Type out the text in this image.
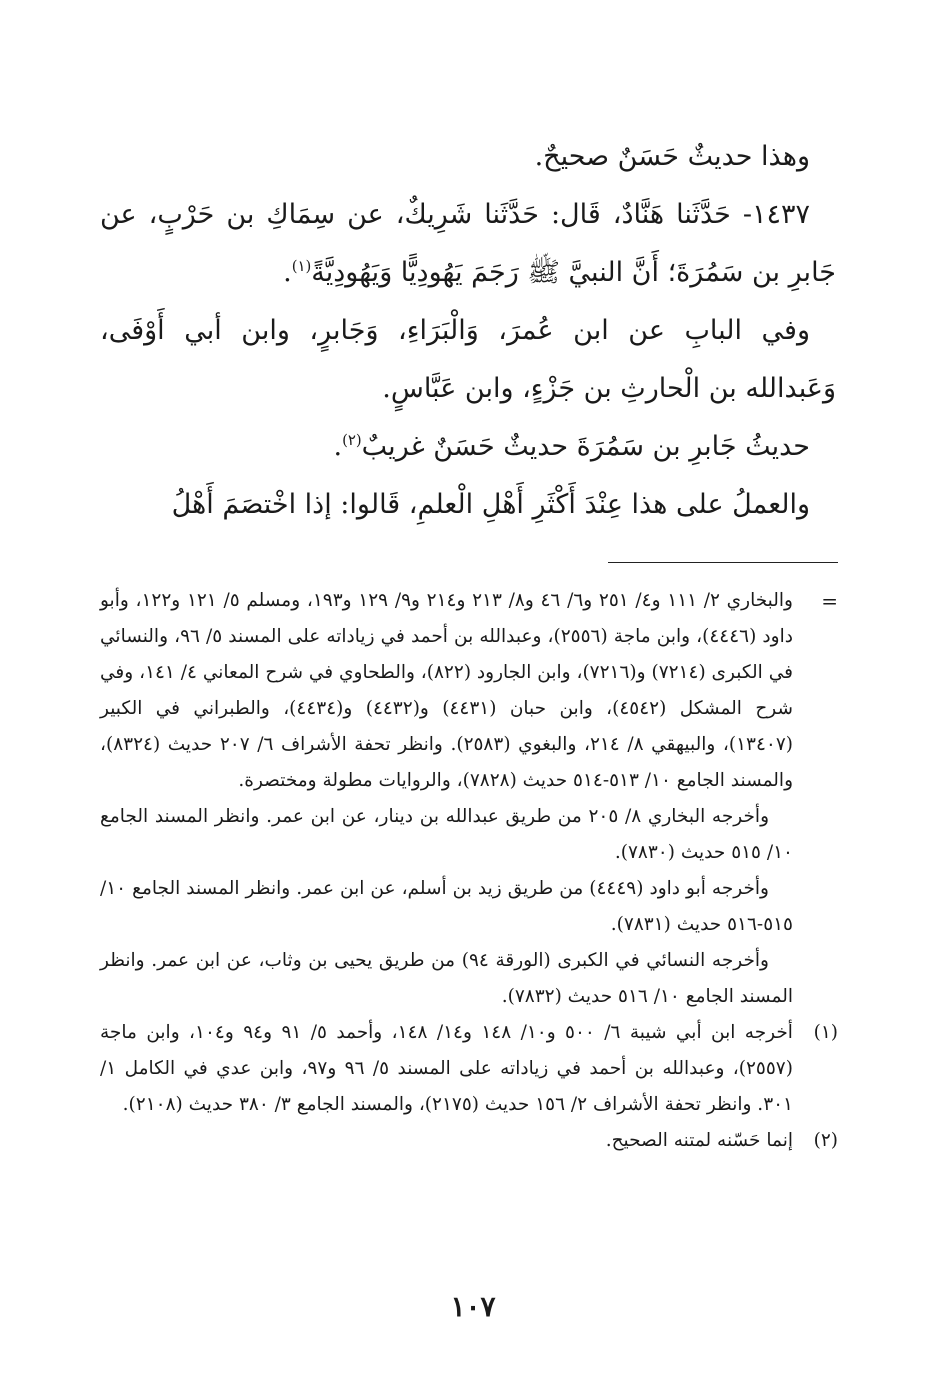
وهذا حديثٌ حَسَنٌ صحيحٌ.

١٤٣٧- حَدَّثَنا هَنَّادٌ، قَال: حَدَّثَنا شَرِيكٌ، عن سِمَاكِ بن حَرْبٍ، عن جَابرِ بن سَمُرَةَ؛ أَنَّ النبيَّ ﷺ رَجَمَ يَهُودِيًّا وَيَهُودِيَّةً$^{(١)}$.

وفي البابِ عن ابن عُمرَ، وَالْبَرَاءِ، وَجَابرٍ، وابن أبي أَوْفَى، وَعَبدالله بن الْحارثِ بن جَزْءٍ، وابن عَبَّاسٍ.

حديثُ جَابرِ بن سَمُرَةَ حديثٌ حَسَنٌ غريبٌ$^{(٢)}$.

والعملُ على هذا عِنْدَ أَكْثَرِ أَهْلِ الْعلمِ، قَالوا: إذا اخْتصَمَ أَهْلُ

=
والبخاري ٢/ ١١١ و٤/ ٢٥١ و٦/ ٤٦ و٨/ ٢١٣ و٢١٤ و٩/ ١٢٩ و١٩٣، ومسلم ٥/ ١٢١ و١٢٢، وأبو داود (٤٤٤٦)، وابن ماجة (٢٥٥٦)، وعبدالله بن أحمد في زياداته على المسند ٥/ ٩٦، والنسائي في الكبرى (٧٢١٤) و(٧٢١٦)، وابن الجارود (٨٢٢)، والطحاوي في شرح المعاني ٤/ ١٤١، وفي شرح المشكل (٤٥٤٢)، وابن حبان (٤٤٣١) و(٤٤٣٢) و(٤٤٣٤)، والطبراني في الكبير (١٣٤٠٧)، والبيهقي ٨/ ٢١٤، والبغوي (٢٥٨٣). وانظر تحفة الأشراف ٦/ ٢٠٧ حديث (٨٣٢٤)، والمسند الجامع ١٠/ ٥١٣-٥١٤ حديث (٧٨٢٨)، والروايات مطولة ومختصرة.
وأخرجه البخاري ٨/ ٢٠٥ من طريق عبدالله بن دينار، عن ابن عمر. وانظر المسند الجامع ١٠/ ٥١٥ حديث (٧٨٣٠).
وأخرجه أبو داود (٤٤٤٩) من طريق زيد بن أسلم، عن ابن عمر. وانظر المسند الجامع ١٠/ ٥١٥-٥١٦ حديث (٧٨٣١).
وأخرجه النسائي في الكبرى (الورقة ٩٤) من طريق يحيى بن وثاب، عن ابن عمر. وانظر المسند الجامع ١٠/ ٥١٦ حديث (٧٨٣٢).
(١)
أخرجه ابن أبي شيبة ٦/ ٥٠٠ و١٠/ ١٤٨ و١٤/ ١٤٨، وأحمد ٥/ ٩١ و٩٤ و١٠٤، وابن ماجة (٢٥٥٧)، وعبدالله بن أحمد في زياداته على المسند ٥/ ٩٦ و٩٧، وابن عدي في الكامل ١/ ٣٠١. وانظر تحفة الأشراف ٢/ ١٥٦ حديث (٢١٧٥)، والمسند الجامع ٣/ ٣٨٠ حديث (٢١٠٨).
(٢)
إنما حَسّنه لمتنه الصحيح.
١٠٧
